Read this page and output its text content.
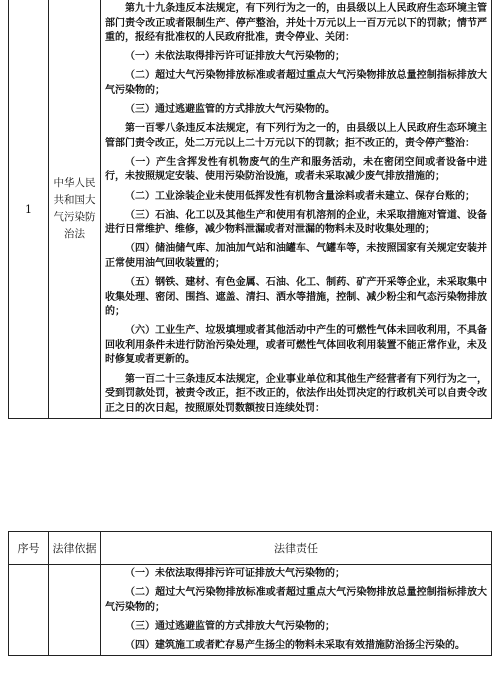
1	中华人民共和国大气污染防治法	

第九十九条违反本法规定，有下列行为之一的，由县级以上人民政府生态环境主管部门责令改正或者限制生产、停产整治，并处十万元以上一百万元以下的罚款；情节严重的，报经有批准权的人民政府批准，责令停业、关闭：

（一）未依法取得排污许可证排放大气污染物的；

（二）超过大气污染物排放标准或者超过重点大气污染物排放总量控制指标排放大气污染物的；

（三）通过逃避监管的方式排放大气污染物的。

第一百零八条违反本法规定，有下列行为之一的，由县级以上人民政府生态环境主管部门责令改正，处二万元以上二十万元以下的罚款；拒不改正的，责令停产整治：

（一）产生含挥发性有机物废气的生产和服务活动，未在密闭空间或者设备中进行，未按照规定安装、使用污染防治设施，或者未采取减少废气排放措施的；

（二）工业涂装企业未使用低挥发性有机物含量涂料或者未建立、保存台账的；

（三）石油、化工以及其他生产和使用有机溶剂的企业，未采取措施对管道、设备进行日常维护、维修，减少物料泄漏或者对泄漏的物料未及时收集处理的；

（四）储油储气库、加油加气站和油罐车、气罐车等，未按照国家有关规定安装并正常使用油气回收装置的；

（五）钢铁、建材、有色金属、石油、化工、制药、矿产开采等企业，未采取集中收集处理、密闭、围挡、遮盖、清扫、洒水等措施，控制、减少粉尘和气态污染物排放的；

（六）工业生产、垃圾填埋或者其他活动中产生的可燃性气体未回收利用，不具备回收利用条件未进行防治污染处理，或者可燃性气体回收利用装置不能正常作业，未及时修复或者更新的。

第一百二十三条违反本法规定，企业事业单位和其他生产经营者有下列行为之一，受到罚款处罚，被责令改正，拒不改正的，依法作出处罚决定的行政机关可以自责令改正之日的次日起，按照原处罚数额按日连续处罚：

序号	法律依据	法律责任

		（一）未依法取得排污许可证排放大气污染物的；

（二）超过大气污染物排放标准或者超过重点大气污染物排放总量控制指标排放大气污染物的；

（三）通过逃避监管的方式排放大气污染物的；

（四）建筑施工或者贮存易产生扬尘的物料未采取有效措施防治扬尘污染的。
